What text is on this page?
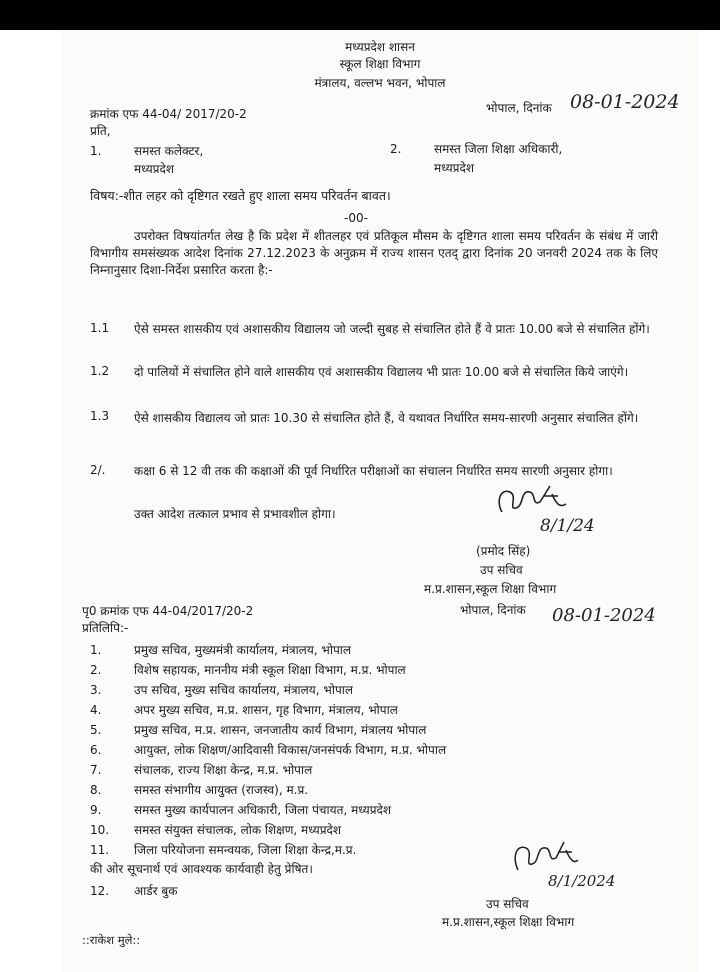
मध्यप्रदेश शासन
स्कूल शिक्षा विभाग
मंत्रालय, वल्लभ भवन, भोपाल
क्रमांक एफ 44-04/ 2017/20-2	भोपाल, दिनांक 08-01-2024
प्रति,
1.	समस्त कलेक्टर,
मध्यप्रदेश
2.	समस्त जिला शिक्षा अधिकारी,
मध्यप्रदेश
विषय:-शीत लहर को दृष्टिगत रखते हुए शाला समय परिवर्तन बावत।
-00-
उपरोक्त विषयांतर्गत लेख है कि प्रदेश में शीतलहर एवं प्रतिकूल मौसम के दृष्टिगत शाला समय परिवर्तन के संबंध में जारी विभागीय समसंख्यक आदेश दिनांक 27.12.2023 के अनुक्रम में राज्य शासन एतद् द्वारा दिनांक 20 जनवरी 2024 तक के लिए निम्नानुसार दिशा-निर्देश प्रसारित करता है:-
1.1	ऐसे समस्त शासकीय एवं अशासकीय विद्यालय जो जल्दी सुबह से संचालित होते हैं वे प्रातः 10.00 बजे से संचालित होंगे।
1.2	दो पालियों में संचालित होने वाले शासकीय एवं अशासकीय विद्यालय भी प्रातः 10.00 बजे से संचालित किये जाएंगे।
1.3	ऐसे शासकीय विद्यालय जो प्रातः 10.30 से संचालित होते हैं, वे यथावत निर्धारित समय-सारणी अनुसार संचालित होंगे।
2/.	कक्षा 6 से 12 वी तक की कक्षाओं की पूर्व निर्धारित परीक्षाओं का संचालन निर्धारित समय सारणी अनुसार होगा।
उक्त आदेश तत्काल प्रभाव से प्रभावशील होगा।
8/1/24
(प्रमोद सिंह)
उप सचिव
म.प्र.शासन,स्कूल शिक्षा विभाग
पृ0 क्रमांक एफ 44-04/2017/20-2	भोपाल, दिनांक 08-01-2024
प्रतिलिपि:-
1.	प्रमुख सचिव, मुख्यमंत्री कार्यालय, मंत्रालय, भोपाल
2.	विशेष सहायक, माननीय मंत्री स्कूल शिक्षा विभाग, म.प्र. भोपाल
3.	उप सचिव, मुख्य सचिव कार्यालय, मंत्रालय, भोपाल
4.	अपर मुख्य सचिव, म.प्र. शासन, गृह विभाग, मंत्रालय, भोपाल
5.	प्रमुख सचिव, म.प्र. शासन, जनजातीय कार्य विभाग, मंत्रालय भोपाल
6.	आयुक्त, लोक शिक्षण/आदिवासी विकास/जनसंपर्क विभाग, म.प्र. भोपाल
7.	संचालक, राज्य शिक्षा केन्द्र, म.प्र. भोपाल
8.	समस्त संभागीय आयुक्त (राजस्व), म.प्र.
9.	समस्त मुख्य कार्यपालन अधिकारी, जिला पंचायत, मध्यप्रदेश
10. समस्त संयुक्त संचालक, लोक शिक्षण, मध्यप्रदेश
11. जिला परियोजना समन्वयक, जिला शिक्षा केन्द्र,म.प्र.
की ओर सूचनार्थ एवं आवश्यक कार्यवाही हेतु प्रेषित।
12. आर्डर बुक
8/1/2024
उप सचिव
म.प्र.शासन,स्कूल शिक्षा विभाग
::राकेश मुले::
